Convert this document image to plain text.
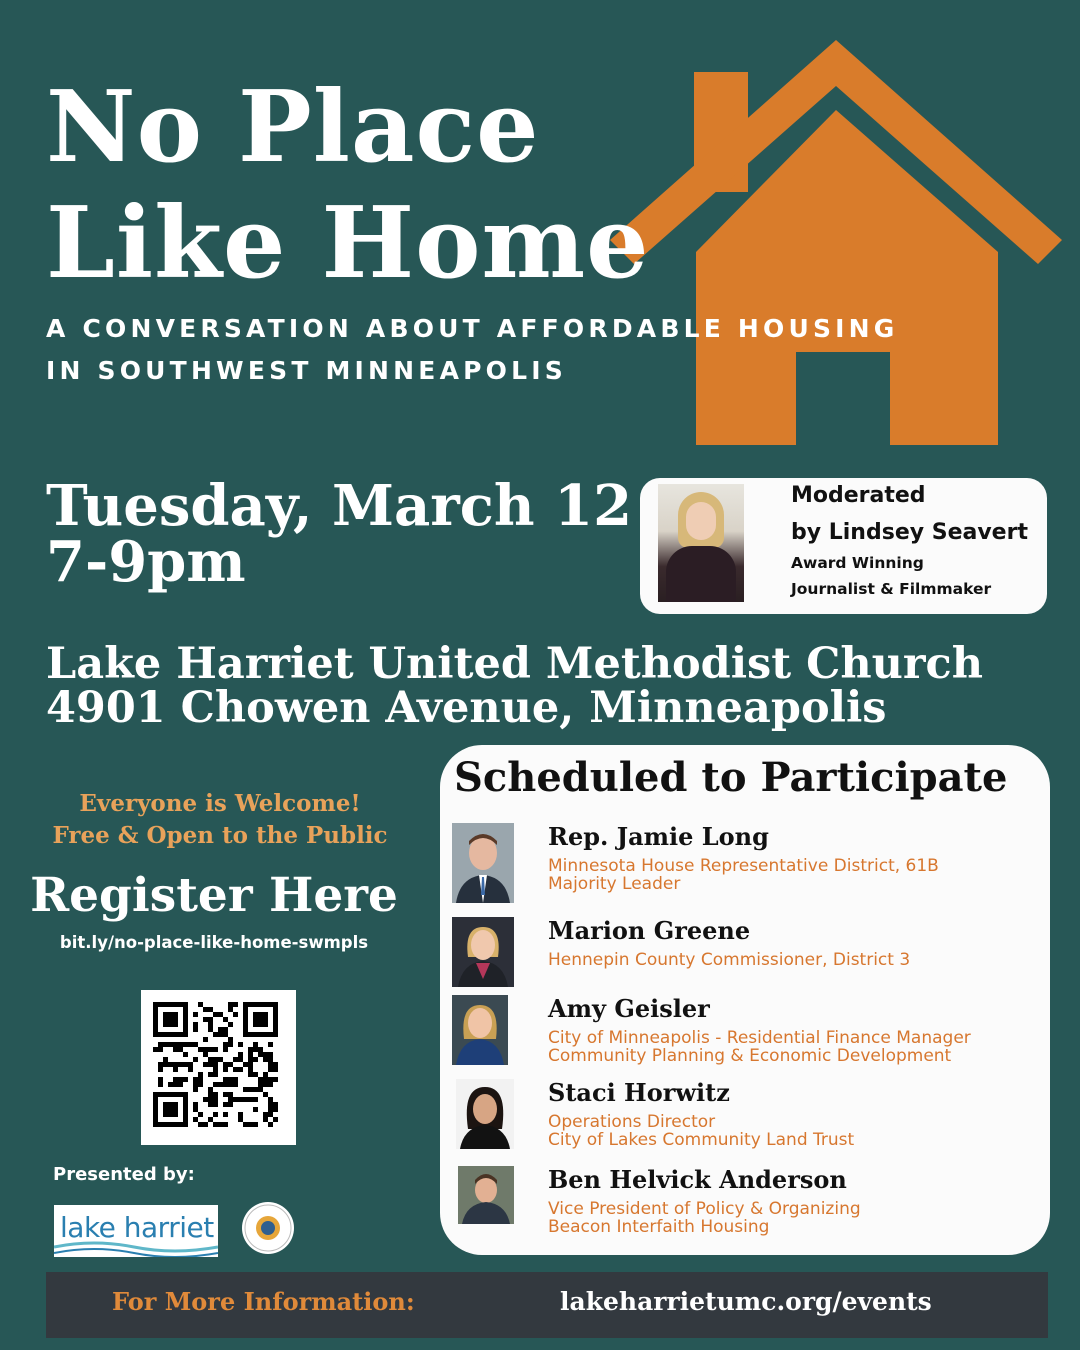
No Place
Like Home
A CONVERSATION ABOUT AFFORDABLE HOUSING
IN SOUTHWEST MINNEAPOLIS
Tuesday, March 12
7-9pm
Moderated
by Lindsey Seavert
Award Winning
Journalist & Filmmaker
Lake Harriet United Methodist Church
4901 Chowen Avenue, Minneapolis
Everyone is Welcome!
Free & Open to the Public
Register Here
bit.ly/no-place-like-home-swmpls
Presented by:
lake harriet
Scheduled to Participate
Rep. Jamie Long
Minnesota House Representative District, 61B
Majority Leader
Marion Greene
Hennepin County Commissioner, District 3
Amy Geisler
City of Minneapolis - Residential Finance Manager
Community Planning & Economic Development
Staci Horwitz
Operations Director
City of Lakes Community Land Trust
Ben Helvick Anderson
Vice President of Policy & Organizing
Beacon Interfaith Housing
For More Information:	lakeharrietumc.org/events
